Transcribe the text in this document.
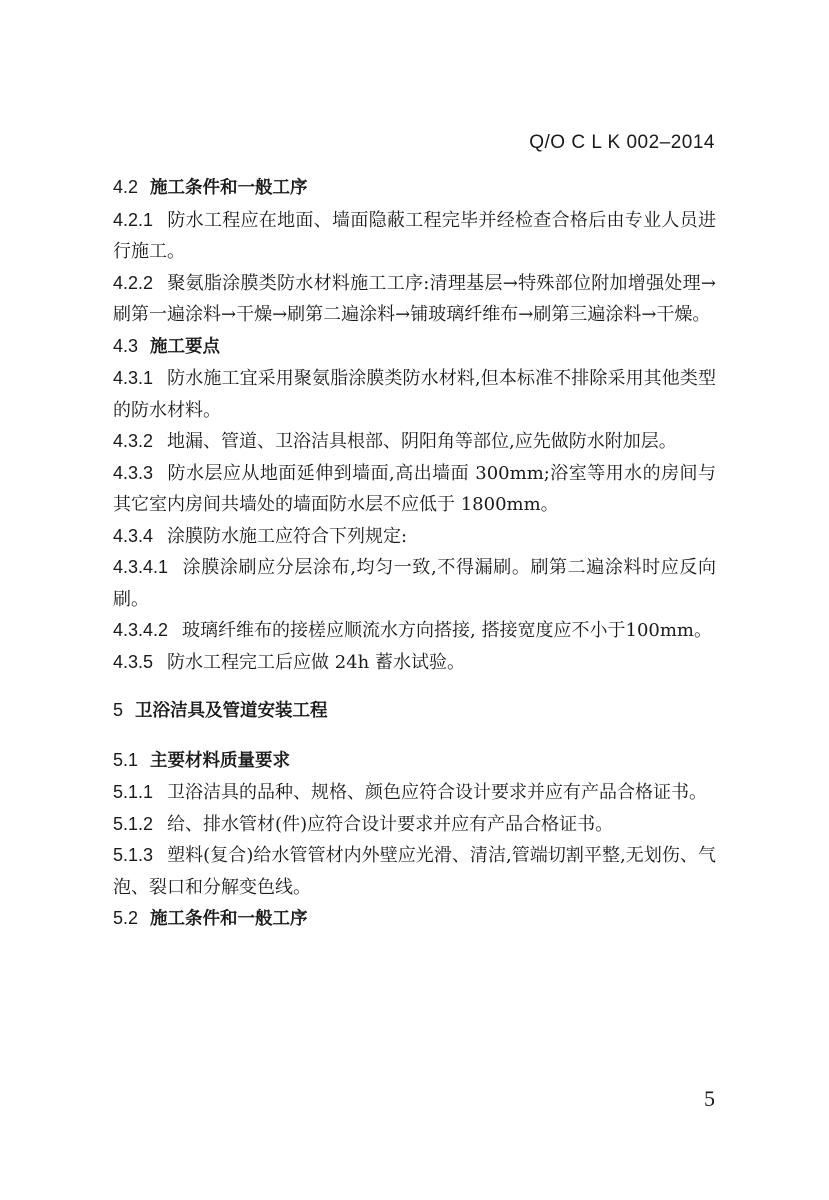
Q/O C L K 002–2014

4.2 施工条件和一般工序

4.2.1 防水工程应在地面、墙面隐蔽工程完毕并经检查合格后由专业人员进行施工。

4.2.2 聚氨脂涂膜类防水材料施工工序:清理基层→特殊部位附加增强处理→刷第一遍涂料→干燥→刷第二遍涂料→铺玻璃纤维布→刷第三遍涂料→干燥。

4.3 施工要点

4.3.1 防水施工宜采用聚氨脂涂膜类防水材料,但本标准不排除采用其他类型的防水材料。

4.3.2 地漏、管道、卫浴洁具根部、阴阳角等部位,应先做防水附加层。

4.3.3 防水层应从地面延伸到墙面,高出墙面 300mm;浴室等用水的房间与其它室内房间共墙处的墙面防水层不应低于 1800mm。

4.3.4 涂膜防水施工应符合下列规定:

4.3.4.1 涂膜涂刷应分层涂布,均匀一致,不得漏刷。刷第二遍涂料时应反向刷。

4.3.4.2 玻璃纤维布的接槎应顺流水方向搭接, 搭接宽度应不小于100mm。

4.3.5 防水工程完工后应做 24h 蓄水试验。

5 卫浴洁具及管道安装工程

5.1 主要材料质量要求

5.1.1 卫浴洁具的品种、规格、颜色应符合设计要求并应有产品合格证书。

5.1.2 给、排水管材(件)应符合设计要求并应有产品合格证书。

5.1.3 塑料(复合)给水管管材内外壁应光滑、清洁,管端切割平整,无划伤、气泡、裂口和分解变色线。

5.2 施工条件和一般工序

5
